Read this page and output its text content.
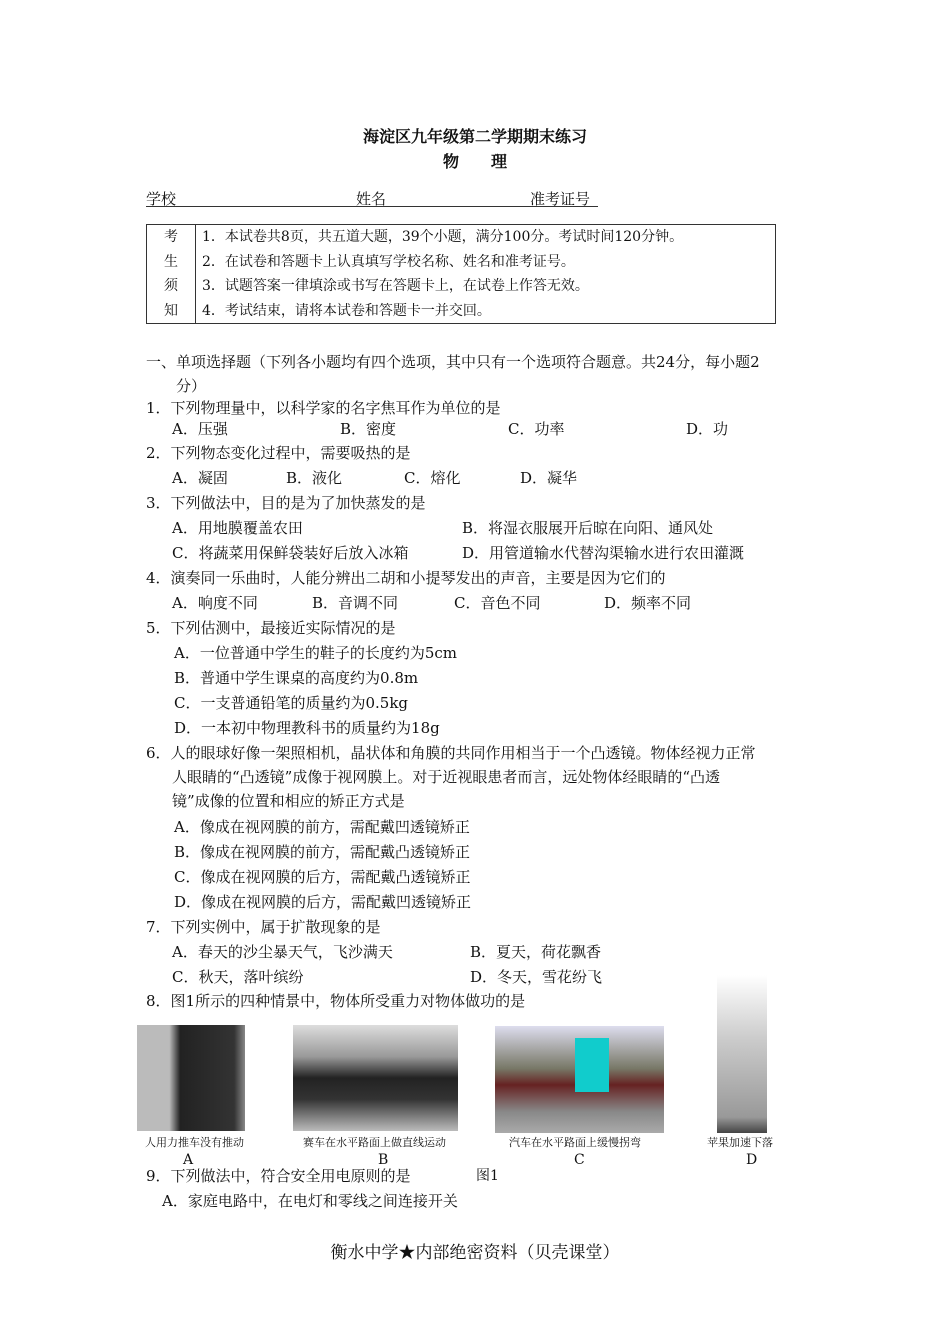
海淀区九年级第二学期期末练习
物　　理
学校	姓名	准考证号
考	1．本试卷共8页，共五道大题，39个小题，满分100分。考试时间120分钟。
生	2．在试卷和答题卡上认真填写学校名称、姓名和准考证号。
须	3．试题答案一律填涂或书写在答题卡上，在试卷上作答无效。
知	4．考试结束，请将本试卷和答题卡一并交回。
一、单项选择题（下列各小题均有四个选项，其中只有一个选项符合题意。共24分，每小题2
分）
1．下列物理量中，以科学家的名字焦耳作为单位的是
A．压强	B．密度	C．功率	D．功
2．下列物态变化过程中，需要吸热的是
A．凝固	B．液化	C．熔化	D．凝华
3．下列做法中，目的是为了加快蒸发的是
A．用地膜覆盖农田	B．将湿衣服展开后晾在向阳、通风处
C．将蔬菜用保鲜袋装好后放入冰箱	D．用管道输水代替沟渠输水进行农田灌溉
4．演奏同一乐曲时，人能分辨出二胡和小提琴发出的声音，主要是因为它们的
A．响度不同	B．音调不同	C．音色不同	D．频率不同
5．下列估测中，最接近实际情况的是
A．一位普通中学生的鞋子的长度约为5cm
B．普通中学生课桌的高度约为0.8m
C．一支普通铅笔的质量约为0.5kg
D．一本初中物理教科书的质量约为18g
6．人的眼球好像一架照相机，晶状体和角膜的共同作用相当于一个凸透镜。物体经视力正常
人眼睛的“凸透镜”成像于视网膜上。对于近视眼患者而言，远处物体经眼睛的“凸透
镜”成像的位置和相应的矫正方式是
A．像成在视网膜的前方，需配戴凹透镜矫正
B．像成在视网膜的前方，需配戴凸透镜矫正
C．像成在视网膜的后方，需配戴凸透镜矫正
D．像成在视网膜的后方，需配戴凹透镜矫正
7．下列实例中，属于扩散现象的是
A．春天的沙尘暴天气，飞沙满天	B．夏天，荷花飘香
C．秋天，落叶缤纷	D．冬天，雪花纷飞
8．图1所示的四种情景中，物体所受重力对物体做功的是
人用力推车没有推动	赛车在水平路面上做直线运动	汽车在水平路面上缓慢拐弯	苹果加速下落
A	B	C	D
9．下列做法中，符合安全用电原则的是	图1
A．家庭电路中，在电灯和零线之间连接开关
衡水中学★内部绝密资料（贝壳课堂）
